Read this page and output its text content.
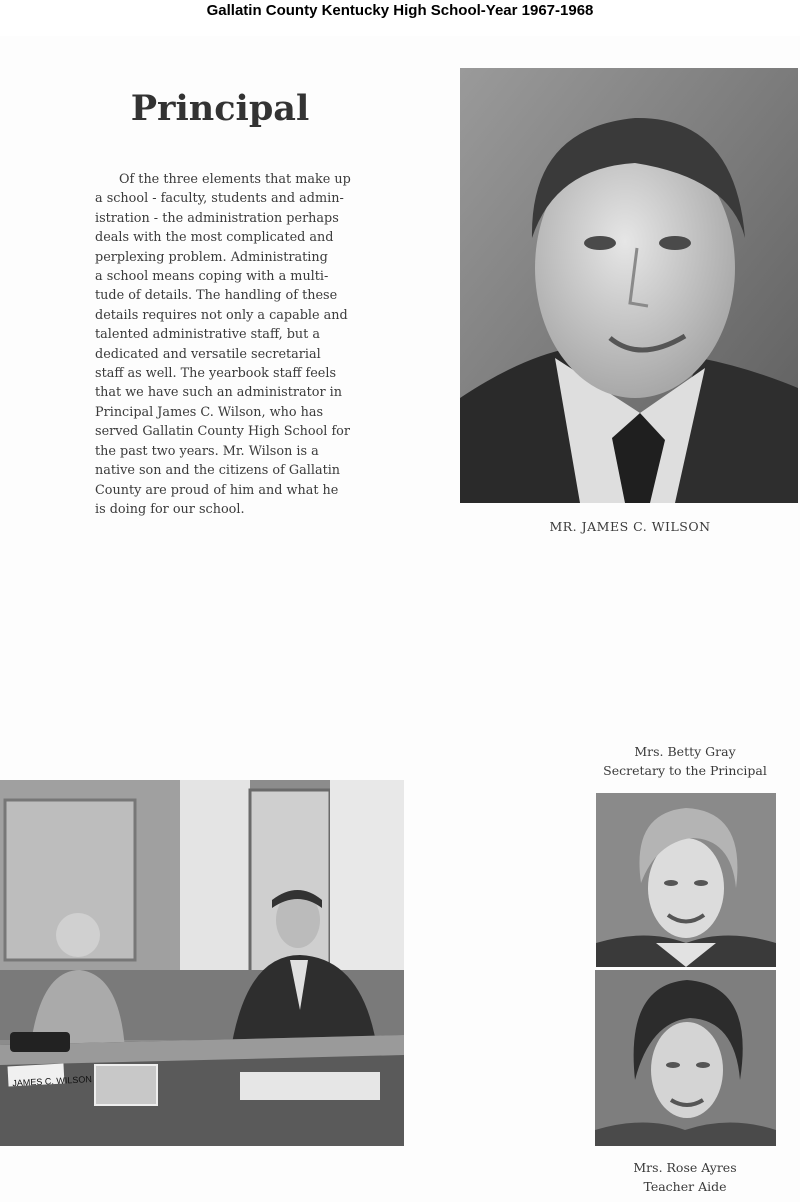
Gallatin County Kentucky High School-Year 1967-1968
Principal
Of the three elements that make up
a school - faculty, students and admin-
istration - the administration perhaps
deals with the most complicated and
perplexing problem. Administrating
a school means coping with a multi-
tude of details. The handling of these
details requires not only a capable and
talented administrative staff, but a
dedicated and versatile secretarial
staff as well. The yearbook staff feels
that we have such an administrator in
Principal James C. Wilson, who has
served Gallatin County High School for
the past two years. Mr. Wilson is a
native son and the citizens of Gallatin
County are proud of him and what he
is doing for our school.
MR. JAMES C. WILSON
JAMES C. WILSON
Mrs. Betty Gray
Secretary to the Principal
Mrs. Rose Ayres
Teacher Aide
